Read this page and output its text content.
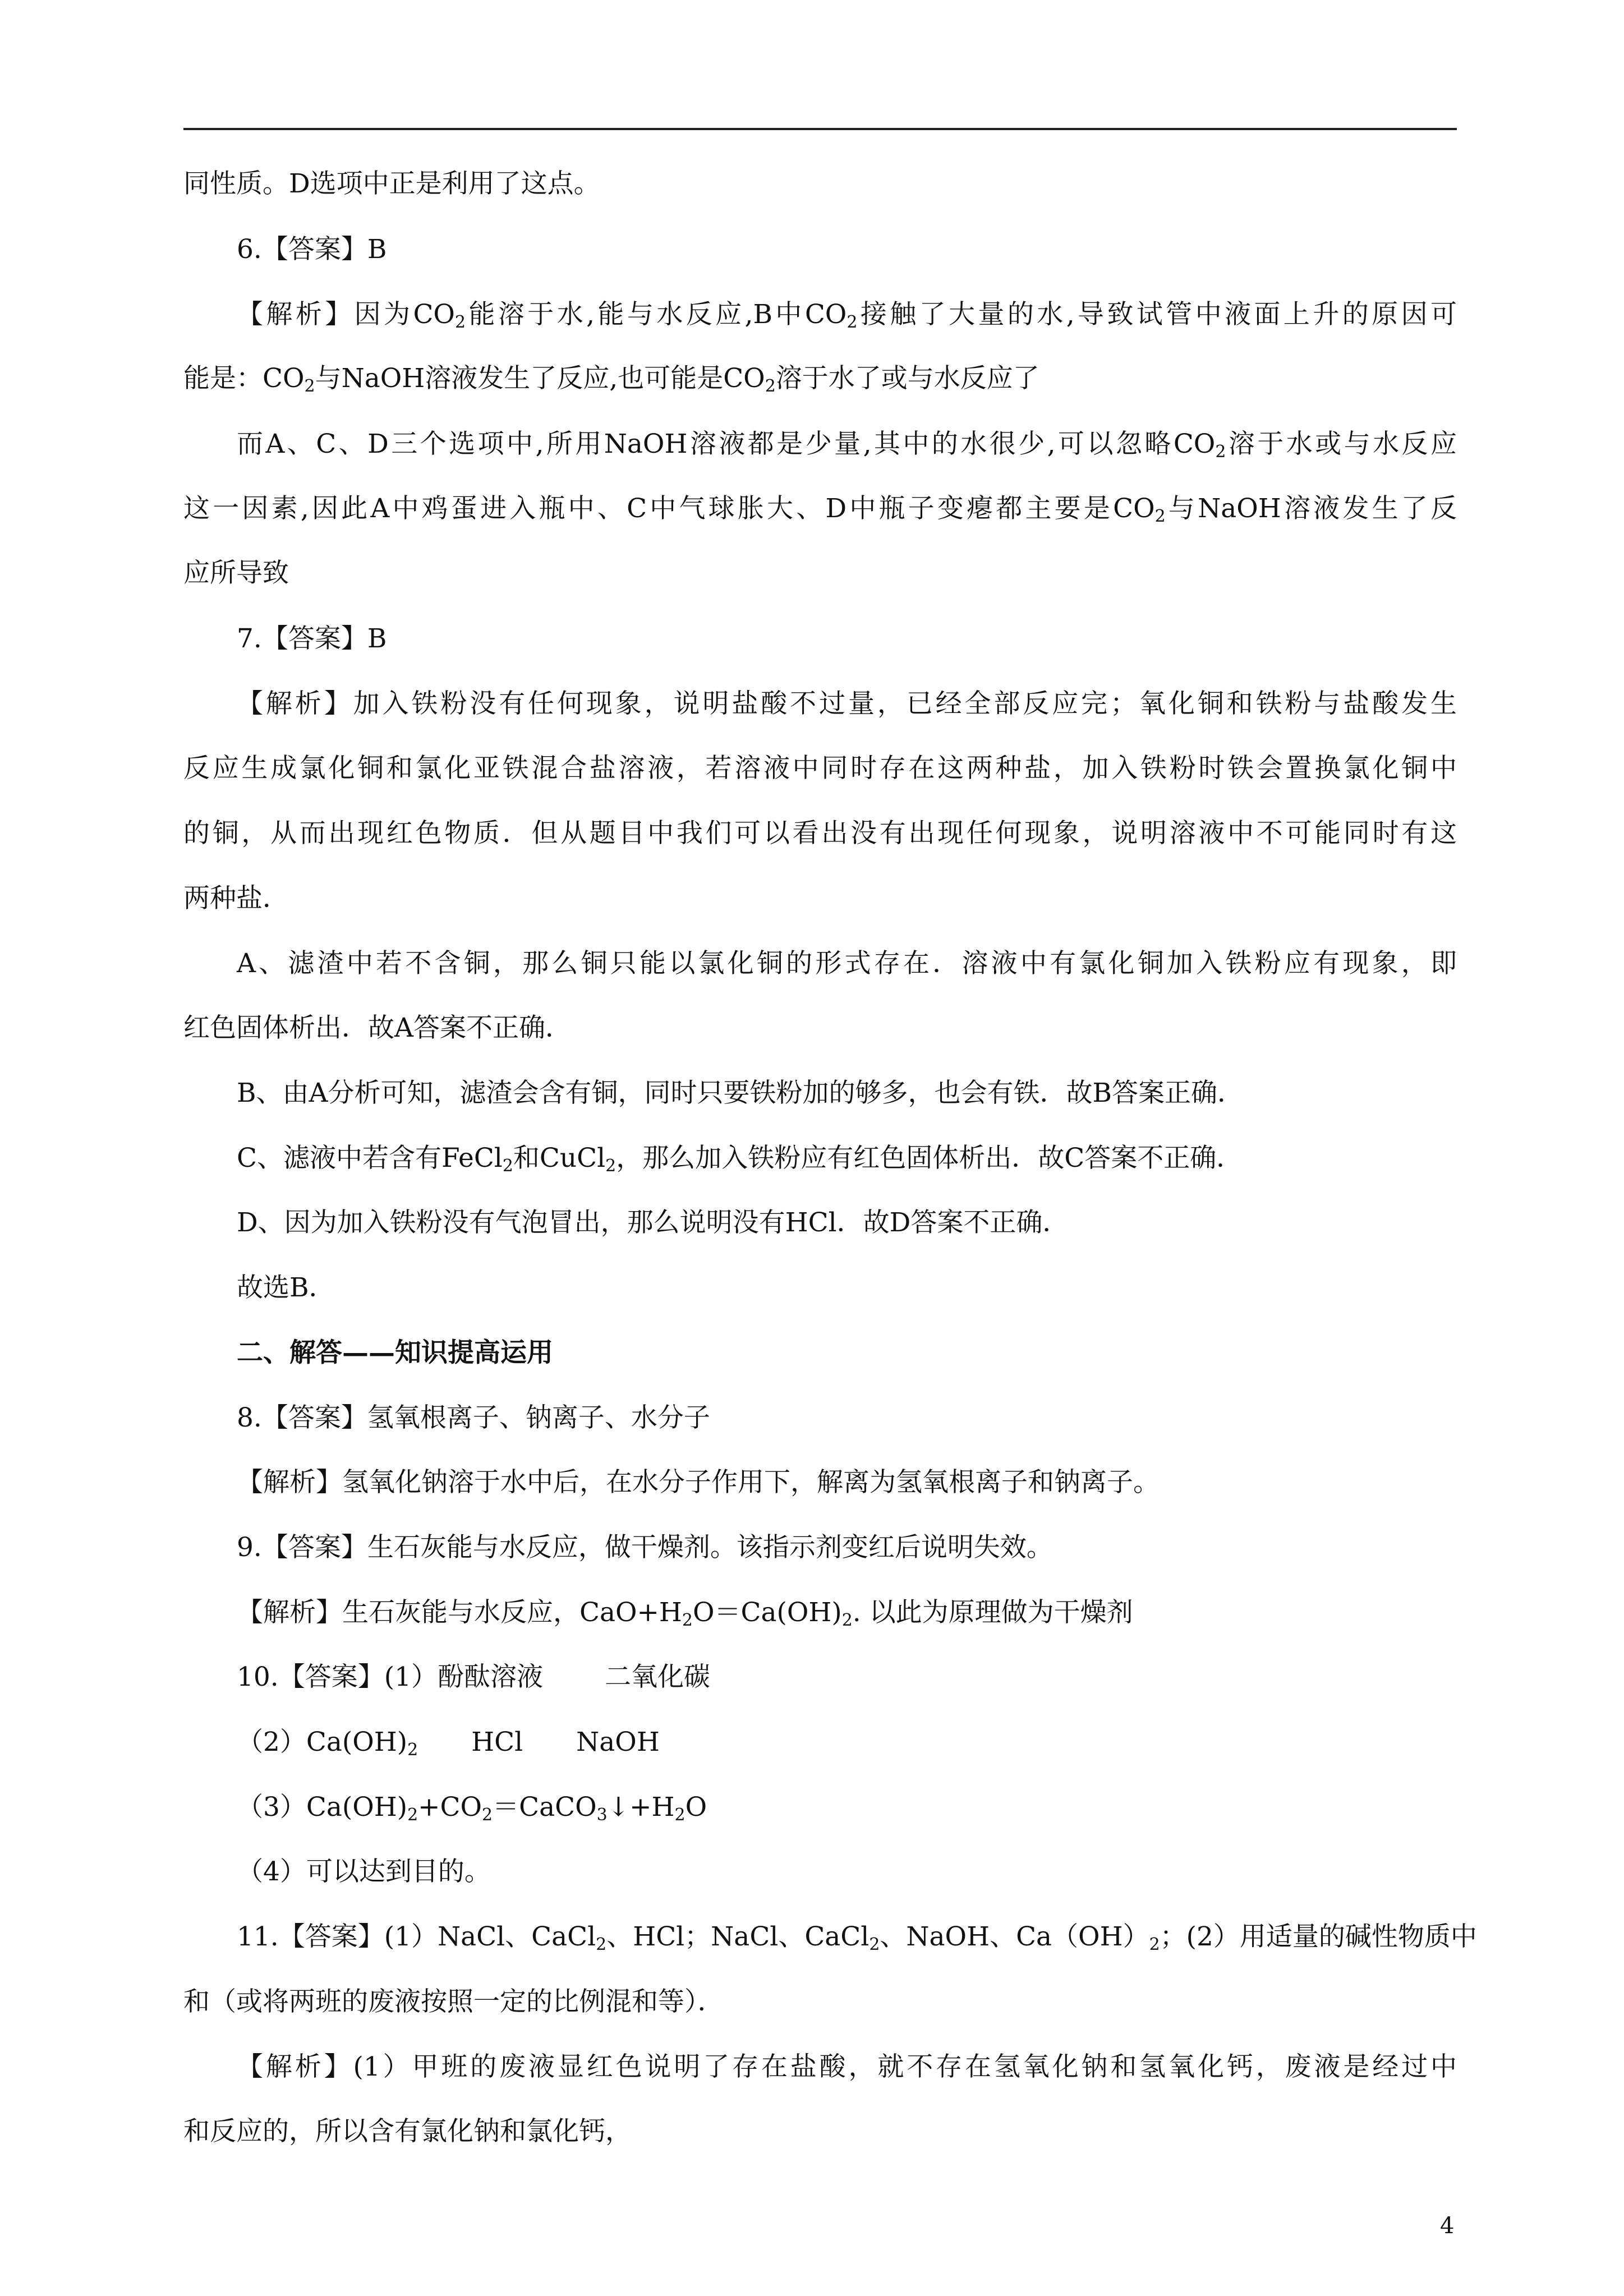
同性质。D选项中正是利用了这点。
6.【答案】B
【解析】因为$CO_2$能溶于水,能与水反应,B中$CO_2$接触了大量的水,导致试管中液面上升的原因可
能是：$CO_2$与NaOH溶液发生了反应,也可能是$CO_2$溶于水了或与水反应了
而A、C、D三个选项中,所用NaOH溶液都是少量,其中的水很少,可以忽略$CO_2$溶于水或与水反应
这一因素,因此A中鸡蛋进入瓶中、C中气球胀大、D中瓶子变瘪都主要是$CO_2$与NaOH溶液发生了反
应所导致
7.【答案】B
【解析】加入铁粉没有任何现象，说明盐酸不过量，已经全部反应完；氧化铜和铁粉与盐酸发生
反应生成氯化铜和氯化亚铁混合盐溶液，若溶液中同时存在这两种盐，加入铁粉时铁会置换氯化铜中
的铜，从而出现红色物质．但从题目中我们可以看出没有出现任何现象，说明溶液中不可能同时有这
两种盐．
A、滤渣中若不含铜，那么铜只能以氯化铜的形式存在．溶液中有氯化铜加入铁粉应有现象，即
红色固体析出．故A答案不正确．
B、由A分析可知，滤渣会含有铜，同时只要铁粉加的够多，也会有铁．故B答案正确．
C、滤液中若含有FeCl$_2$和CuCl$_2$，那么加入铁粉应有红色固体析出．故C答案不正确．
D、因为加入铁粉没有气泡冒出，那么说明没有HCl．故D答案不正确．
故选B．
二、解答——知识提高运用
8.【答案】氢氧根离子、钠离子、水分子
【解析】氢氧化钠溶于水中后，在水分子作用下，解离为氢氧根离子和钠离子。
9.【答案】生石灰能与水反应，做干燥剂。该指示剂变红后说明失效。
【解析】生石灰能与水反应，$CaO+H_2O=Ca(OH)_2$. 以此为原理做为干燥剂
10.【答案】(1）酚酞溶液 二氧化碳
$(2)Ca(OH)_2$ HCl NaOH
$(3)Ca(OH)_2+CO_2=CaCO_3↓+H_2O$
（4）可以达到目的。
11.【答案】(1）NaCl、CaCl$_2$、HCl；NaCl、CaCl$_2$、NaOH、$Ca(OH)_2$；(2）用适量的碱性物质中
和（或将两班的废液按照一定的比例混和等）．
【解析】(1）甲班的废液显红色说明了存在盐酸，就不存在氢氧化钠和氢氧化钙，废液是经过中
和反应的，所以含有氯化钠和氯化钙，
4
